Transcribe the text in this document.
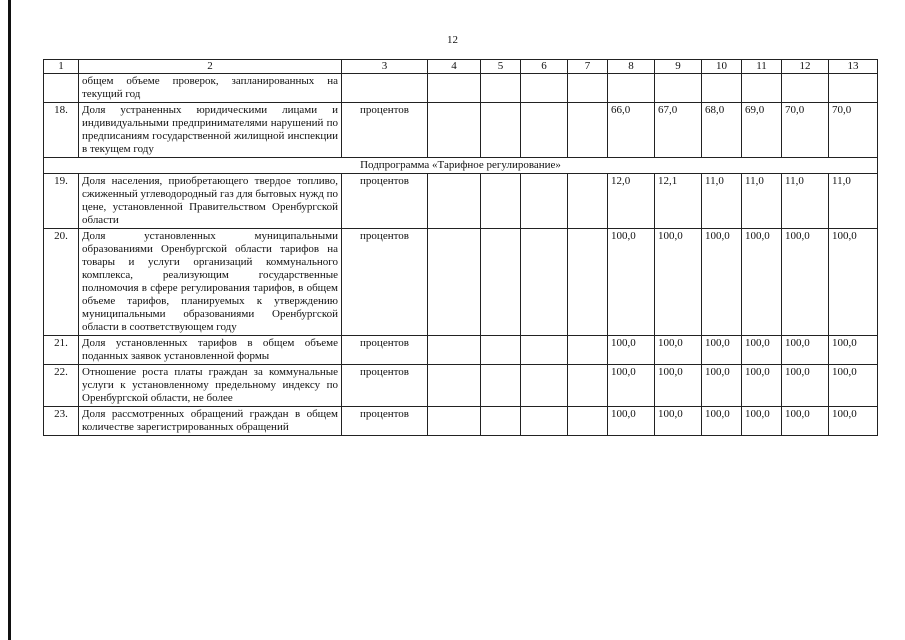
12
1	2	3	4	5	6	7	8	9	10	11	12	13
	общем объеме проверок, запланированных на текущий год											
18.	Доля устраненных юридическими лицами и индивидуальными предпринимателями нарушений по предписаниям государственной жилищной инспекции в текущем году	процентов					66,0	67,0	68,0	69,0	70,0	70,0
Подпрограмма «Тарифное регулирование»												
19.	Доля населения, приобретающего твердое топливо, сжиженный углеводородный газ для бытовых нужд по цене, установленной Правительством Оренбургской области	процентов					12,0	12,1	11,0	11,0	11,0	11,0
20.	Доля установленных муниципальными образованиями Оренбургской области тарифов на товары и услуги организаций коммунального комплекса, реализующим государственные полномочия в сфере регулирования тарифов, в общем объеме тарифов, планируемых к утверждению муниципальными образованиями Оренбургской области в соответствующем году	процентов					100,0	100,0	100,0	100,0	100,0	100,0
21.	Доля установленных тарифов в общем объеме поданных заявок установленной формы	процентов					100,0	100,0	100,0	100,0	100,0	100,0
22.	Отношение роста платы граждан за коммунальные услуги к установленному предельному индексу по Оренбургской области, не более	процентов					100,0	100,0	100,0	100,0	100,0	100,0
23.	Доля рассмотренных обращений граждан в общем количестве зарегистрированных обращений	процентов					100,0	100,0	100,0	100,0	100,0	100,0
